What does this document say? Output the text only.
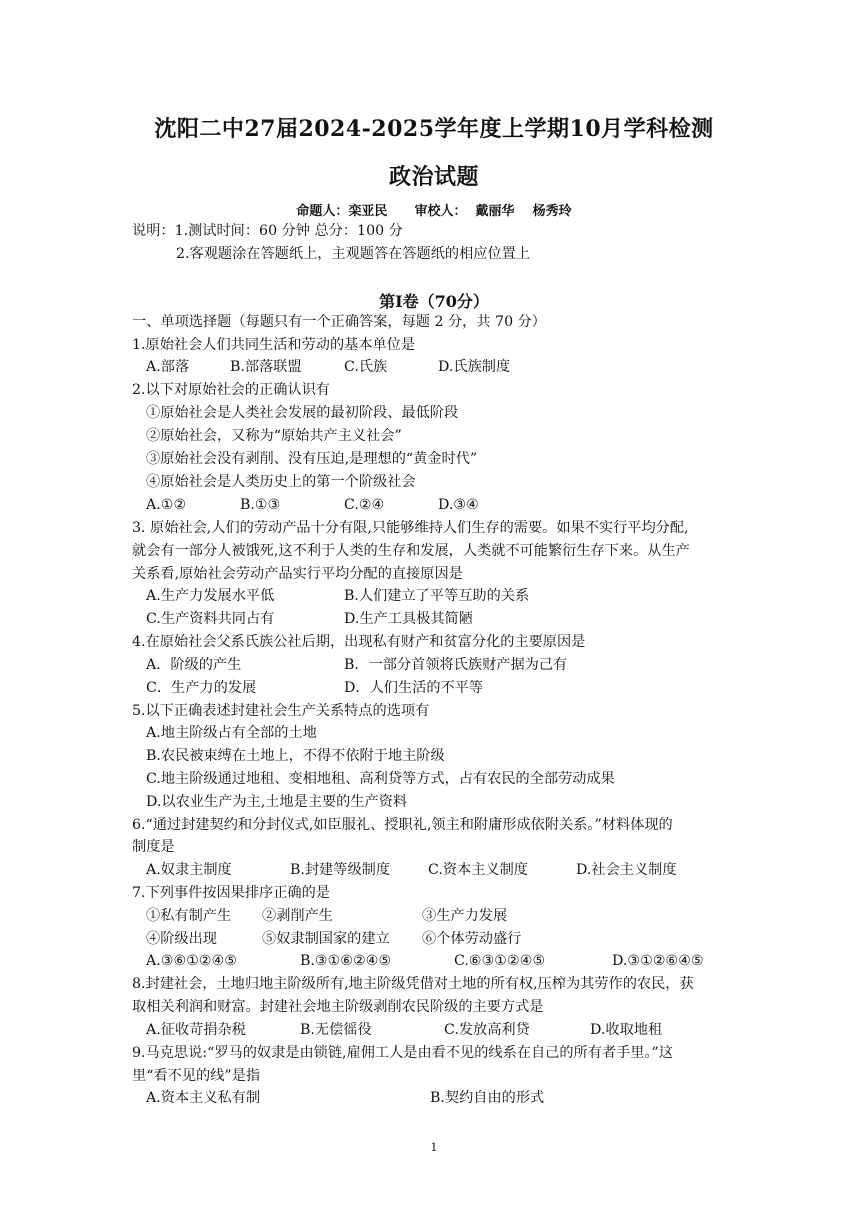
沈阳二中27届2024-2025学年度上学期10月学科检测
政治试题
命题人：栾亚民      审校人：  戴丽华    杨秀玲
说明：1.测试时间：60 分钟 总分：100 分
2.客观题涂在答题纸上，主观题答在答题纸的相应位置上
第Ⅰ卷（70分）
一、单项选择题（每题只有一个正确答案，每题 2 分，共 70 分）
1.原始社会人们共同生活和劳动的基本单位是
A.部落	B.部落联盟	C.氏族	D.氏族制度
2.以下对原始社会的正确认识有
①原始社会是人类社会发展的最初阶段、最低阶段
②原始社会，又称为“原始共产主义社会”
③原始社会没有剥削、没有压迫,是理想的“黄金时代”
④原始社会是人类历史上的第一个阶级社会
A.①②	B.①③	C.②④	D.③④
3. 原始社会,人们的劳动产品十分有限,只能够维持人们生存的需要。如果不实行平均分配,
就会有一部分人被饿死,这不利于人类的生存和发展，人类就不可能繁衍生存下来。从生产
关系看,原始社会劳动产品实行平均分配的直接原因是
A.生产力发展水平低	B.人们建立了平等互助的关系
C.生产资料共同占有	D.生产工具极其简陋
4.在原始社会父系氏族公社后期，出现私有财产和贫富分化的主要原因是
A．阶级的产生	B．一部分首领将氏族财产据为己有
C．生产力的发展	D．人们生活的不平等
5.以下正确表述封建社会生产关系特点的选项有
A.地主阶级占有全部的土地
B.农民被束缚在土地上，不得不依附于地主阶级
C.地主阶级通过地租、变相地租、高利贷等方式，占有农民的全部劳动成果
D.以农业生产为主,土地是主要的生产资料
6.“通过封建契约和分封仪式,如臣服礼、授职礼,领主和附庸形成依附关系。”材料体现的
制度是
A.奴隶主制度	B.封建等级制度	C.资本主义制度	D.社会主义制度
7.下列事件按因果排序正确的是
①私有制产生 ②剥削产生	③生产力发展
④阶级出现	⑤奴隶制国家的建立 ⑥个体劳动盛行
A.③⑥①②④⑤	B.③①⑥②④⑤	C.⑥③①②④⑤	D.③①②⑥④⑤
8.封建社会，土地归地主阶级所有,地主阶级凭借对土地的所有权,压榨为其劳作的农民，获
取相关利润和财富。封建社会地主阶级剥削农民阶级的主要方式是
A.征收苛捐杂税	B.无偿徭役	C.发放高利贷	D.收取地租
9.马克思说:“罗马的奴隶是由锁链,雇佣工人是由看不见的线系在自己的所有者手里。”这
里“看不见的线”是指
A.资本主义私有制	B.契约自由的形式
1
